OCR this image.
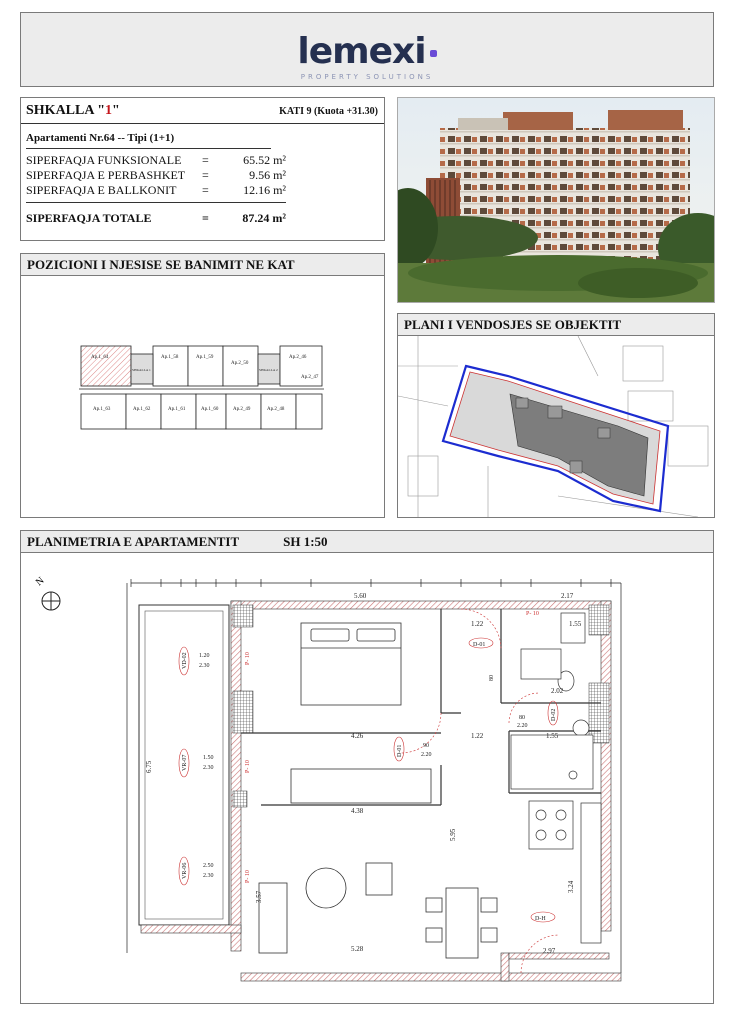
lemexi
PROPERTY SOLUTIONS
SHKALLA "1"	KATI 9 (Kuota +31.30)
Apartamenti Nr.64 -- Tipi (1+1)
SIPERFAQJA FUNKSIONALE =	65.52 m²
SIPERFAQJA E PERBASHKET =	9.56 m²
SIPERFAQJA E BALLKONIT =	12.16 m²
SIPERFAQJA TOTALE	=	87.24 m²
POZICIONI I NJESISE SE BANIMIT NE KAT
Ap.1_64	Ap.1_58	Ap.1_59
Ap.2_50
Ap.2_46
Ap.2_47
Ap.1_63	Ap.1_62	Ap.1_61	Ap.1_60	Ap.2_49	Ap.2_48
SHKALLA 1	SHKALLA 2
PLANI I VENDOSJES SE OBJEKTIT
PLANIMETRIA E APARTAMENTIT	SH 1:50
N
5.60	2.17
1.22	1.55
4.26	1.22	1.55
4.38
5.28
6.75
5.95
3.24
3.57
2.02
2.97
VD-02 1.20
2.30
VR-07	1.50
2.30
VR-06	2.50
2.30
D-01
80
D-02
80
2.20
D-01	90
2.20
D-H
P- 10
P- 10
P- 10
P- 10
